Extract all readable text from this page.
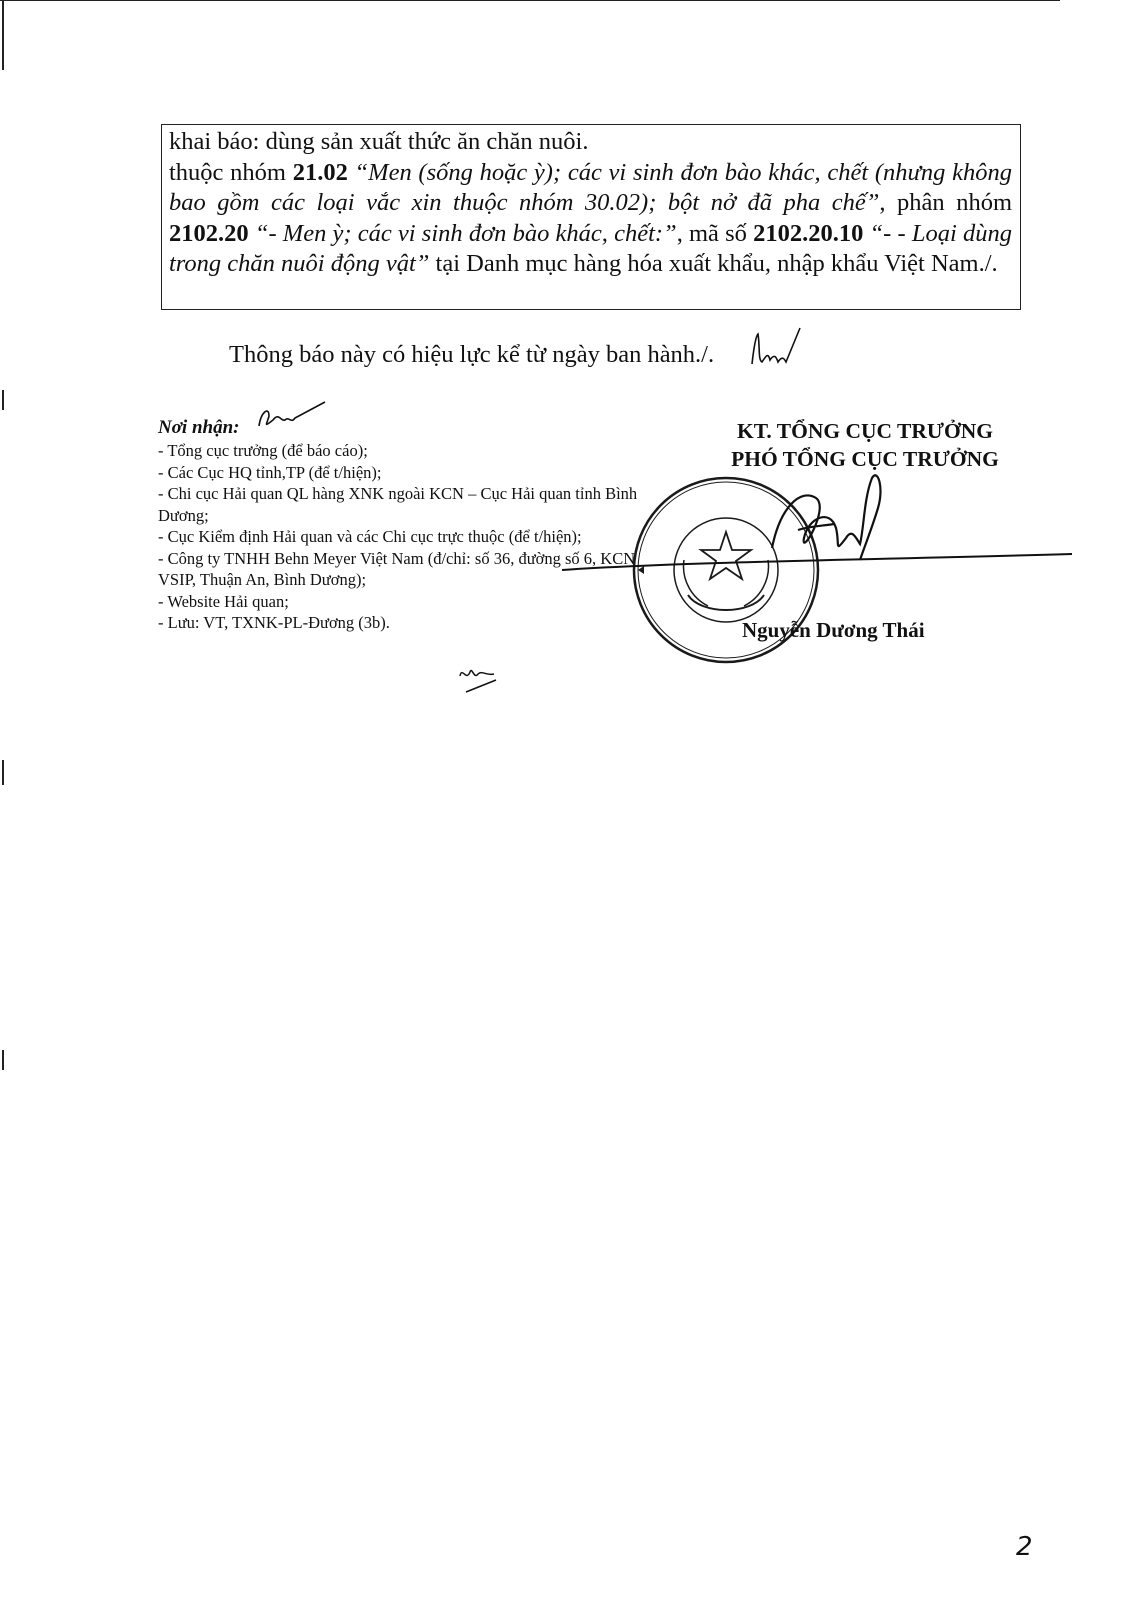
khai báo: dùng sản xuất thức ăn chăn nuôi.

thuộc nhóm 21.02 “Men (sống hoặc ỳ); các vi sinh đơn bào khác, chết (nhưng không bao gồm các loại vắc xin thuộc nhóm 30.02); bột nở đã pha chế”, phân nhóm 2102.20 “- Men ỳ; các vi sinh đơn bào khác, chết:”, mã số 2102.20.10 “- - Loại dùng trong chăn nuôi động vật” tại Danh mục hàng hóa xuất khẩu, nhập khẩu Việt Nam./.

Thông báo này có hiệu lực kể từ ngày ban hành./.
Nơi nhận:
- Tổng cục trưởng (để báo cáo);
- Các Cục HQ tỉnh,TP (để t/hiện);
- Chi cục Hải quan QL hàng XNK ngoài KCN – Cục Hải quan tỉnh Bình Dương;
- Cục Kiểm định Hải quan và các Chi cục trực thuộc (để t/hiện);
- Công ty TNHH Behn Meyer Việt Nam (đ/chỉ: số 36, đường số 6, KCN VSIP, Thuận An, Bình Dương);
- Website Hải quan;
- Lưu: VT, TXNK-PL-Đương (3b).
KT. TỔNG CỤC TRƯỞNG
PHÓ TỔNG CỤC TRƯỞNG
Nguyễn Dương Thái
2
